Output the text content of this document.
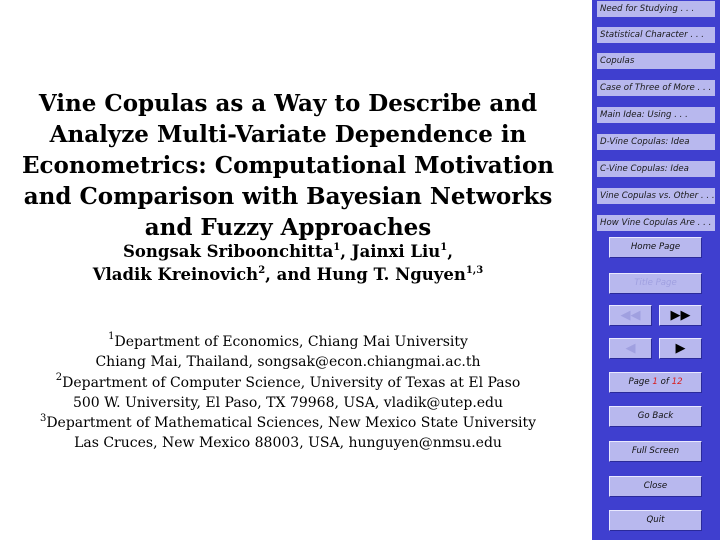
Vine Copulas as a Way to Describe and
Analyze Multi-Variate Dependence in
Econometrics: Computational Motivation
and Comparison with Bayesian Networks
and Fuzzy Approaches
Songsak Sriboonchitta$^1$, Jainxi Liu$^1$,
Vladik Kreinovich$^2$, and Hung T. Nguyen$^{1,3}$
$^1$Department of Economics, Chiang Mai University
Chiang Mai, Thailand, songsak@econ.chiangmai.ac.th
$^2$Department of Computer Science, University of Texas at El Paso
500 W. University, El Paso, TX 79968, USA, vladik@utep.edu
$^3$Department of Mathematical Sciences, New Mexico State University
Las Cruces, New Mexico 88003, USA, hunguyen@nmsu.edu
Need for Studying . . .
Statistical Character . . .
Copulas
Case of Three of More . . .
Main Idea: Using . . .
D-Vine Copulas: Idea
C-Vine Copulas: Idea
Vine Copulas vs. Other . . .
How Vine Copulas Are . . .
Home Page
Title Page
◀◀	▶▶
◀	▶
Page 1 of 12
Go Back
Full Screen
Close
Quit
